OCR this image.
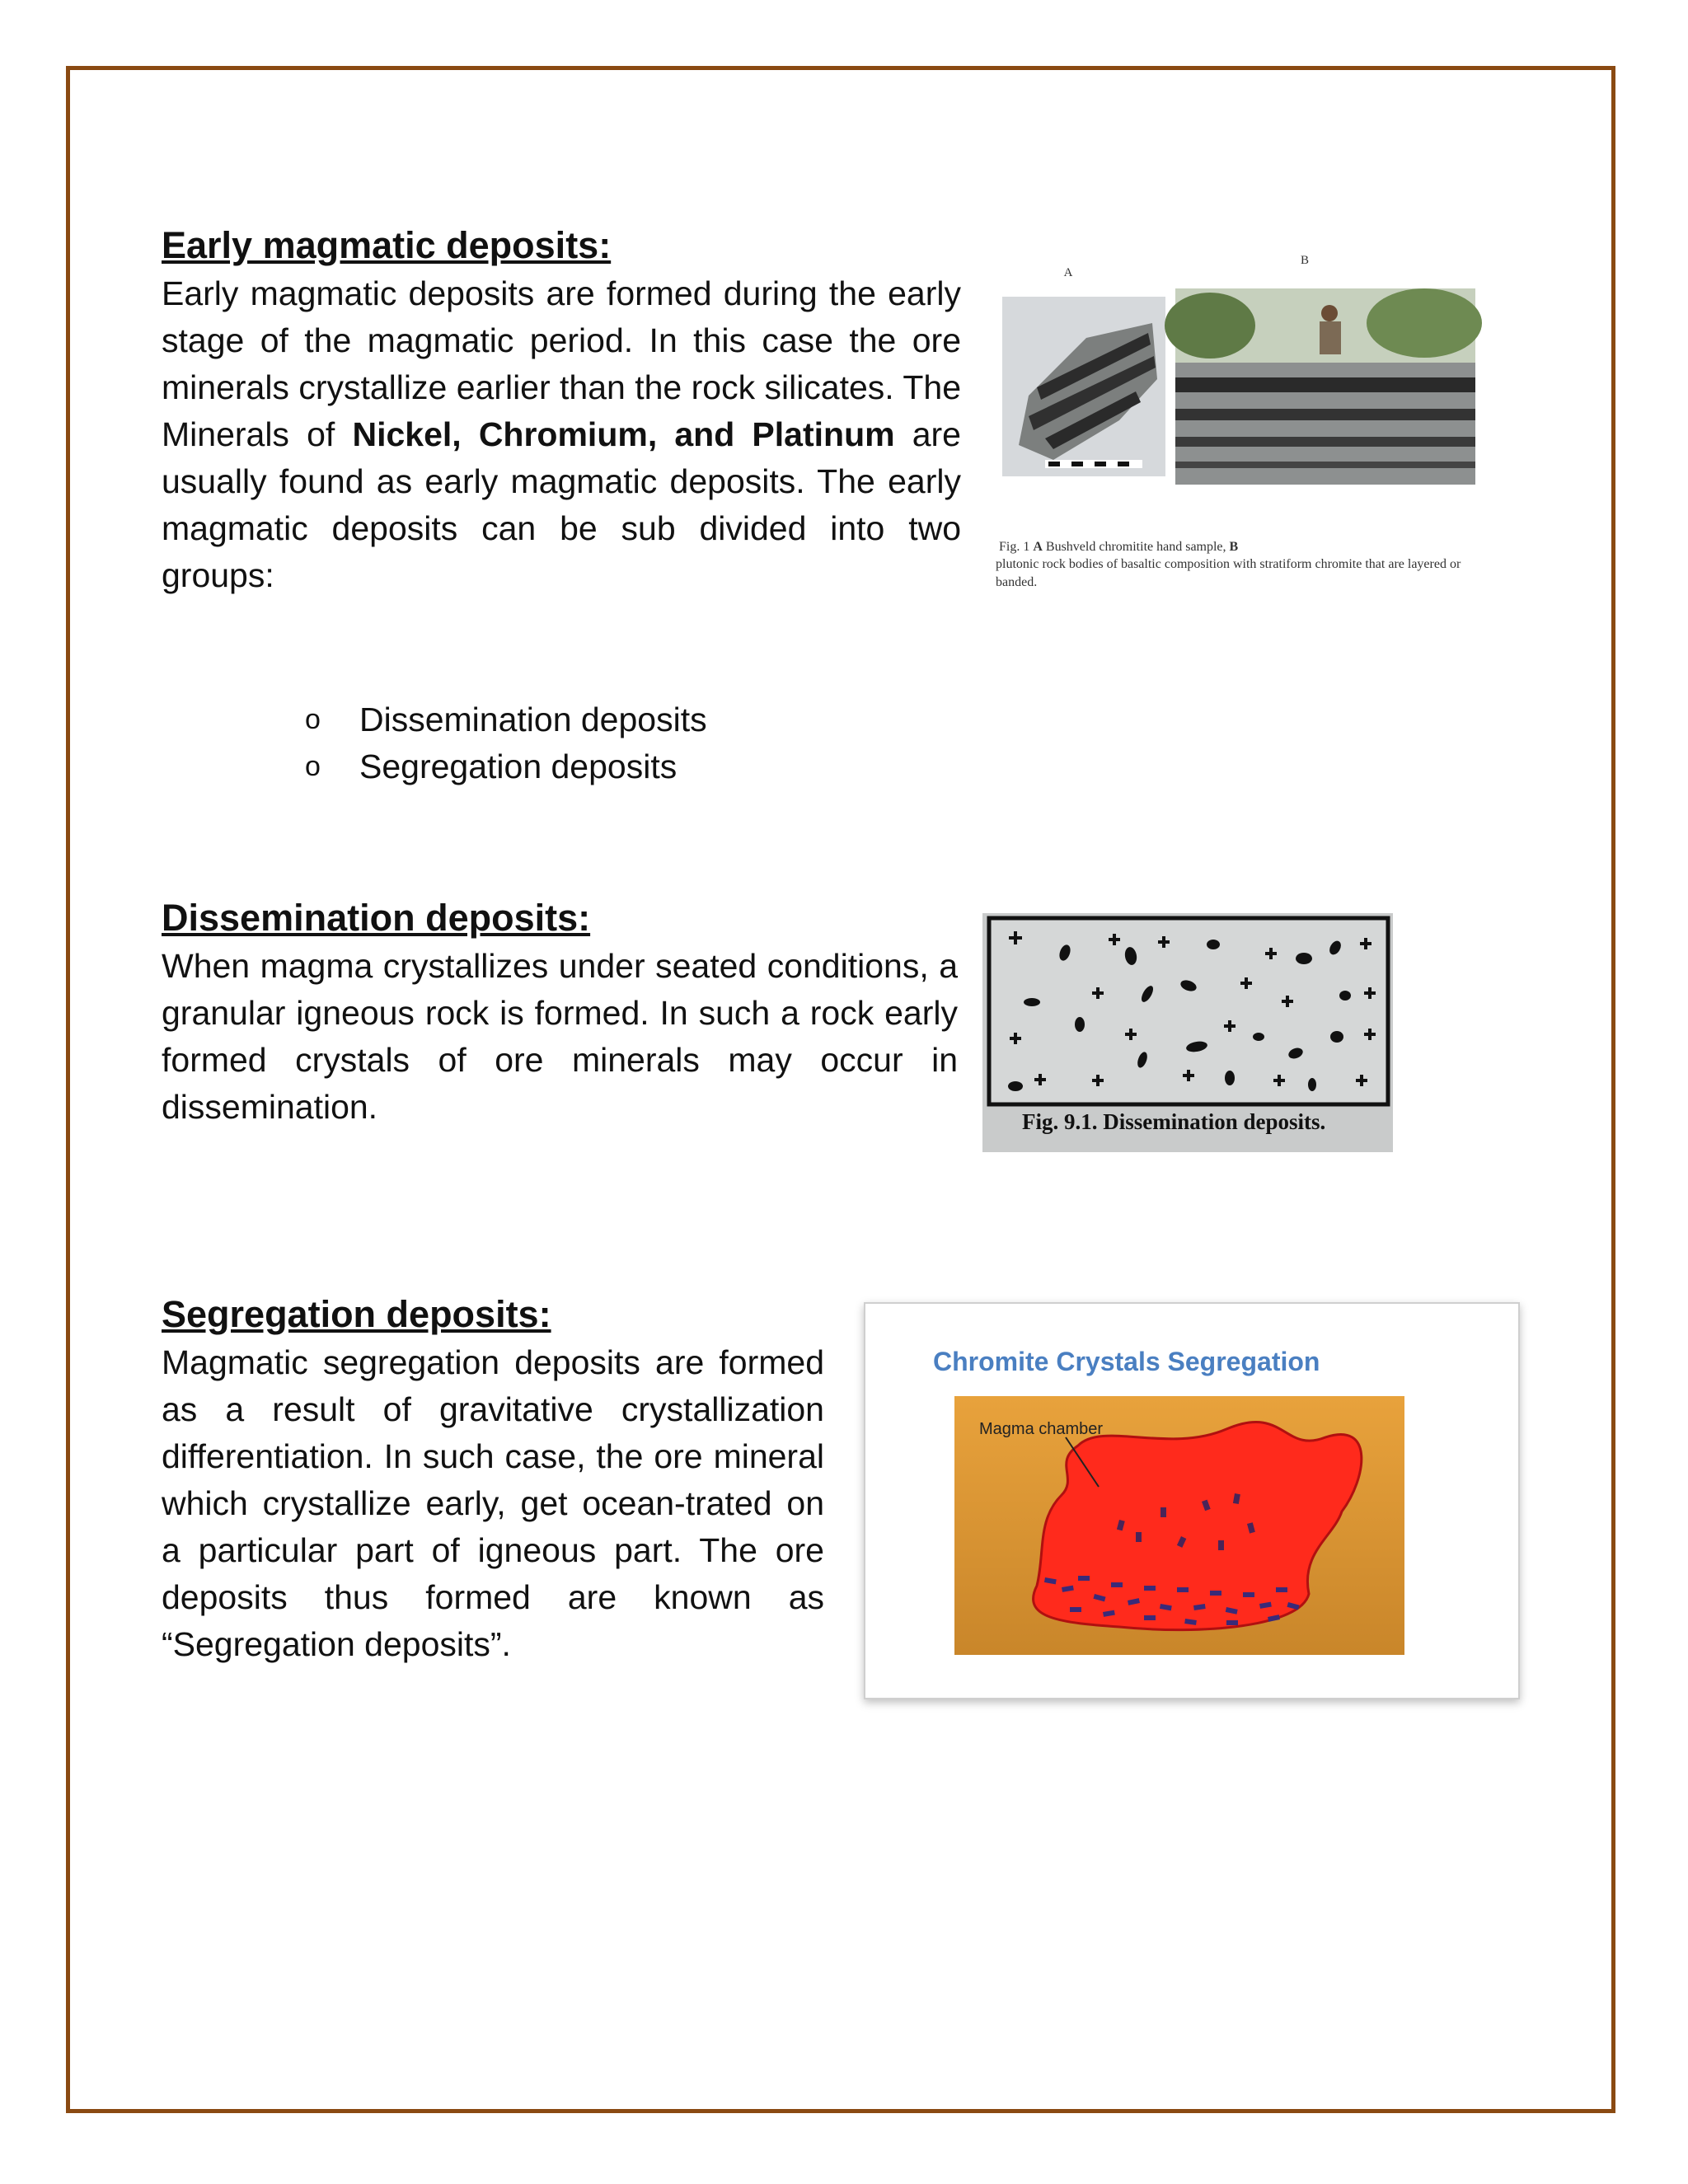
Early magmatic deposits:

Early magmatic deposits are formed during the early stage of the magmatic period. In this case the ore minerals crystallize earlier than the rock silicates. The Minerals of Nickel, Chromium, and Platinum are usually found as early magmatic deposits. The early magmatic deposits can be sub divided into two groups:

o	Dissemination deposits
o	Segregation deposits
A
B
Fig. 1 A Bushveld chromitite hand sample, B
plutonic rock bodies of basaltic composition with stratiform chromite that are layered or banded.
Dissemination deposits:

When magma crystallizes under seated conditions, a granular igneous rock is formed. In such a rock early formed crystals of ore minerals may occur in dissemination.	Fig. 9.1. Dissemination deposits.
Segregation deposits:

Magmatic segregation deposits are formed as a result of gravitative crystallization differentiation. In such case, the ore mineral which crystallize early, get ocean-trated on a particular part of igneous part. The ore deposits thus formed are known as “Segregation deposits”.

Chromite Crystals Segregation
Magma chamber
